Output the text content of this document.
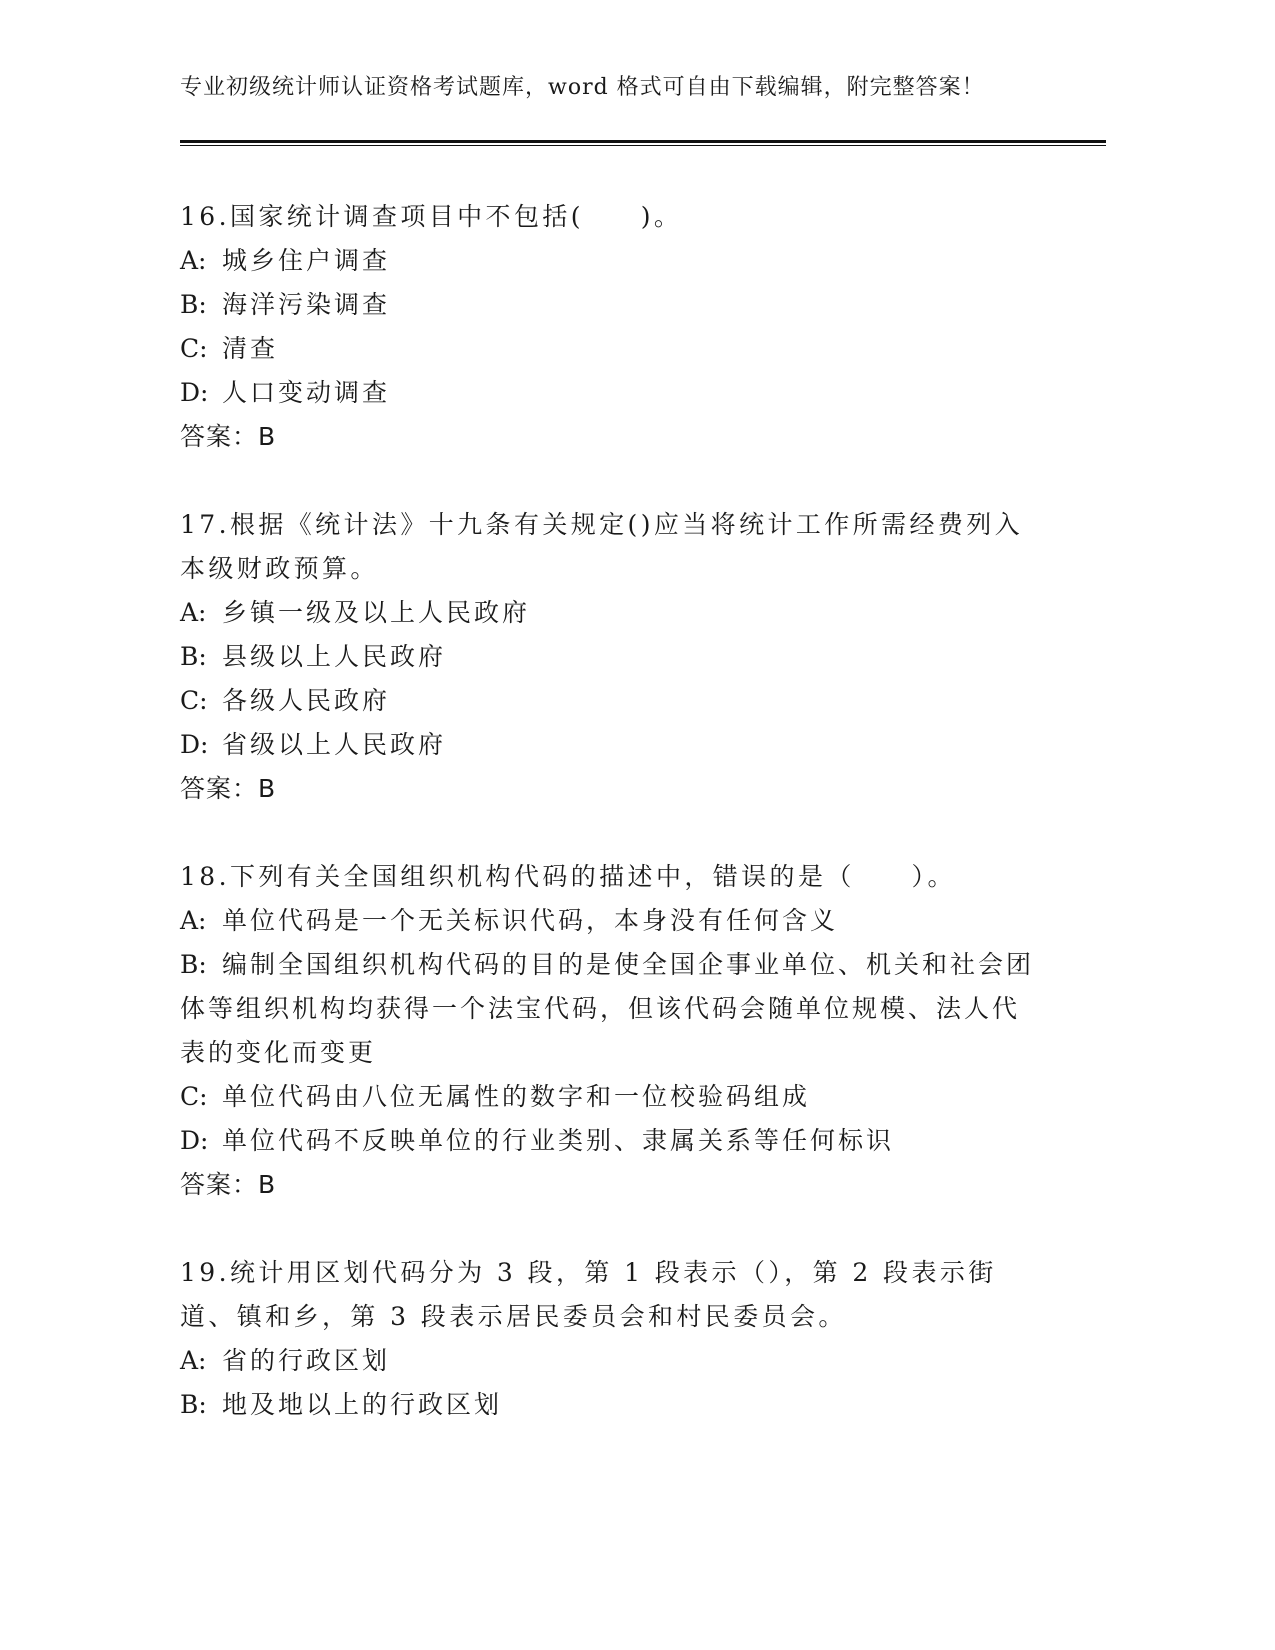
专业初级统计师认证资格考试题库，word 格式可自由下载编辑，附完整答案！
16.国家统计调查项目中不包括(　　)。
A: 城乡住户调查
B: 海洋污染调查
C: 清查
D: 人口变动调查
答案：B
17.根据《统计法》十九条有关规定()应当将统计工作所需经费列入本级财政预算。
A: 乡镇一级及以上人民政府
B: 县级以上人民政府
C: 各级人民政府
D: 省级以上人民政府
答案：B
18.下列有关全国组织机构代码的描述中，错误的是（　　）。
A: 单位代码是一个无关标识代码，本身没有任何含义
B: 编制全国组织机构代码的目的是使全国企事业单位、机关和社会团体等组织机构均获得一个法宝代码，但该代码会随单位规模、法人代表的变化而变更
C: 单位代码由八位无属性的数字和一位校验码组成
D: 单位代码不反映单位的行业类别、隶属关系等任何标识
答案：B
19.统计用区划代码分为 3 段，第 1 段表示（），第 2 段表示街道、镇和乡，第 3 段表示居民委员会和村民委员会。
A: 省的行政区划
B: 地及地以上的行政区划
